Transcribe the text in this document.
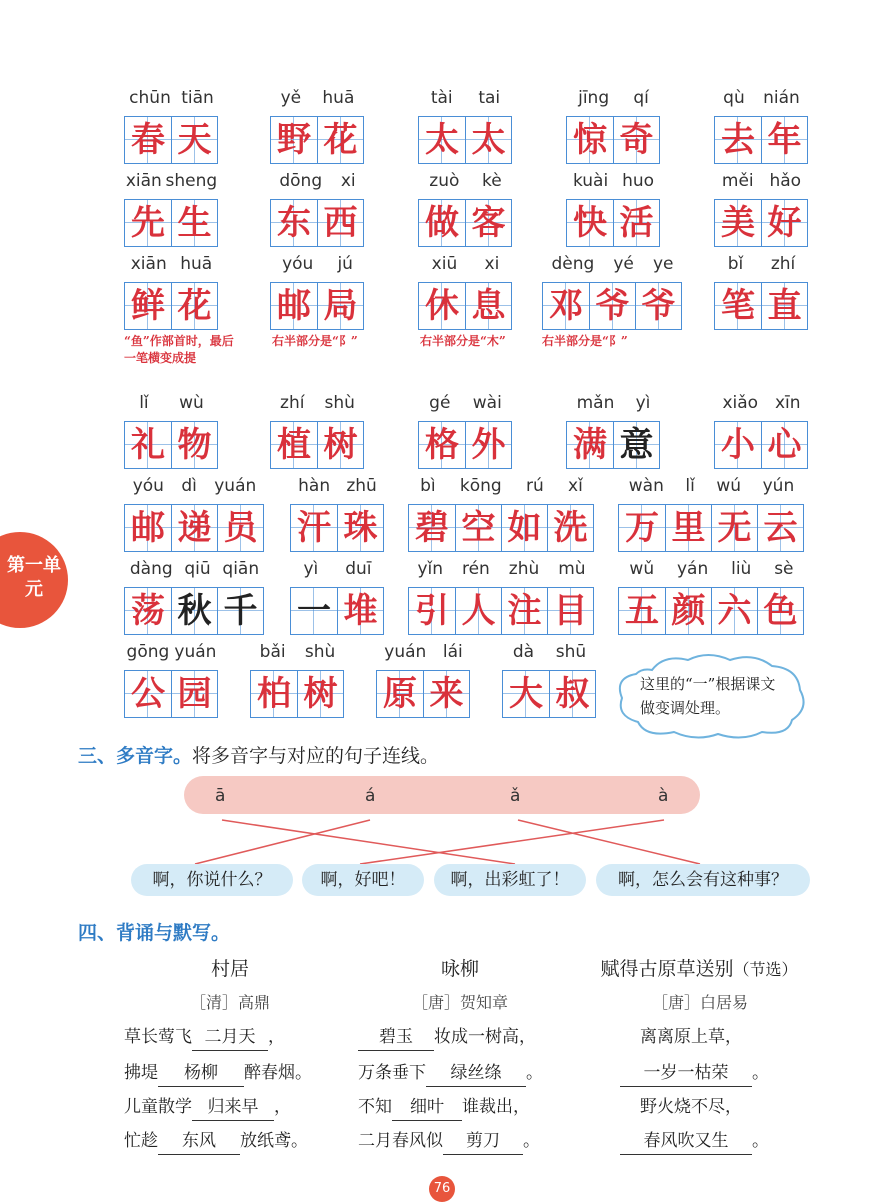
第一单元
chūn tiān
春 天
yě huā
野 花
tài tai
太 太
jīng qí
惊 奇
qù nián
去 年
xiān sheng
先 生
dōng xi
东 西
zuò kè
做 客
kuài huo
快 活
měi hǎo
美 好
xiān huā
鲜 花
yóu jú
邮 局
xiū xi
休 息
dèng yé ye
邓 爷 爷
bǐ zhí
笔 直
lǐ wù
礼 物
zhí shù
植 树
gé wài
格 外
mǎn yì
满 意
xiǎo xīn
小 心
yóu dì yuán
邮 递 员
hàn zhū
汗 珠
bì kōng rú xǐ
碧 空 如 洗
wàn lǐ wú yún
万 里 无 云
dàng qiū qiān
荡 秋 千
yì duī
一 堆
yǐn rén zhù mù
引 人 注 目
wǔ yán liù sè
五 颜 六 色
gōng yuán
公 园
bǎi shù
柏 树
yuán lái
原 来
dà shū
大 叔
“鱼”作部首时，最后一笔横变成提
右半部分是“阝”	右半部分是“木”	右半部分是“阝”
这里的“一”根据课文做变调处理。
三、多音字。将多音字与对应的句子连线。
ā	á	ǎ	à
啊，你说什么？	啊，好吧！	啊，出彩虹了！	啊，怎么会有这种事？
四、背诵与默写。
村居
［清］高鼎
草长莺飞 二月天 ，
拂堤 杨柳 醉春烟。
儿童散学 归来早 ，
忙趁 东风 放纸鸢。
咏柳
［唐］贺知章
碧玉 妆成一树高，
万条垂下 绿丝绦 。
不知 细叶 谁裁出，
二月春风似 剪刀 。
赋得古原草送别（节选）
［唐］白居易
离离原上草，
一岁一枯荣 。
野火烧不尽，
春风吹又生 。
76
